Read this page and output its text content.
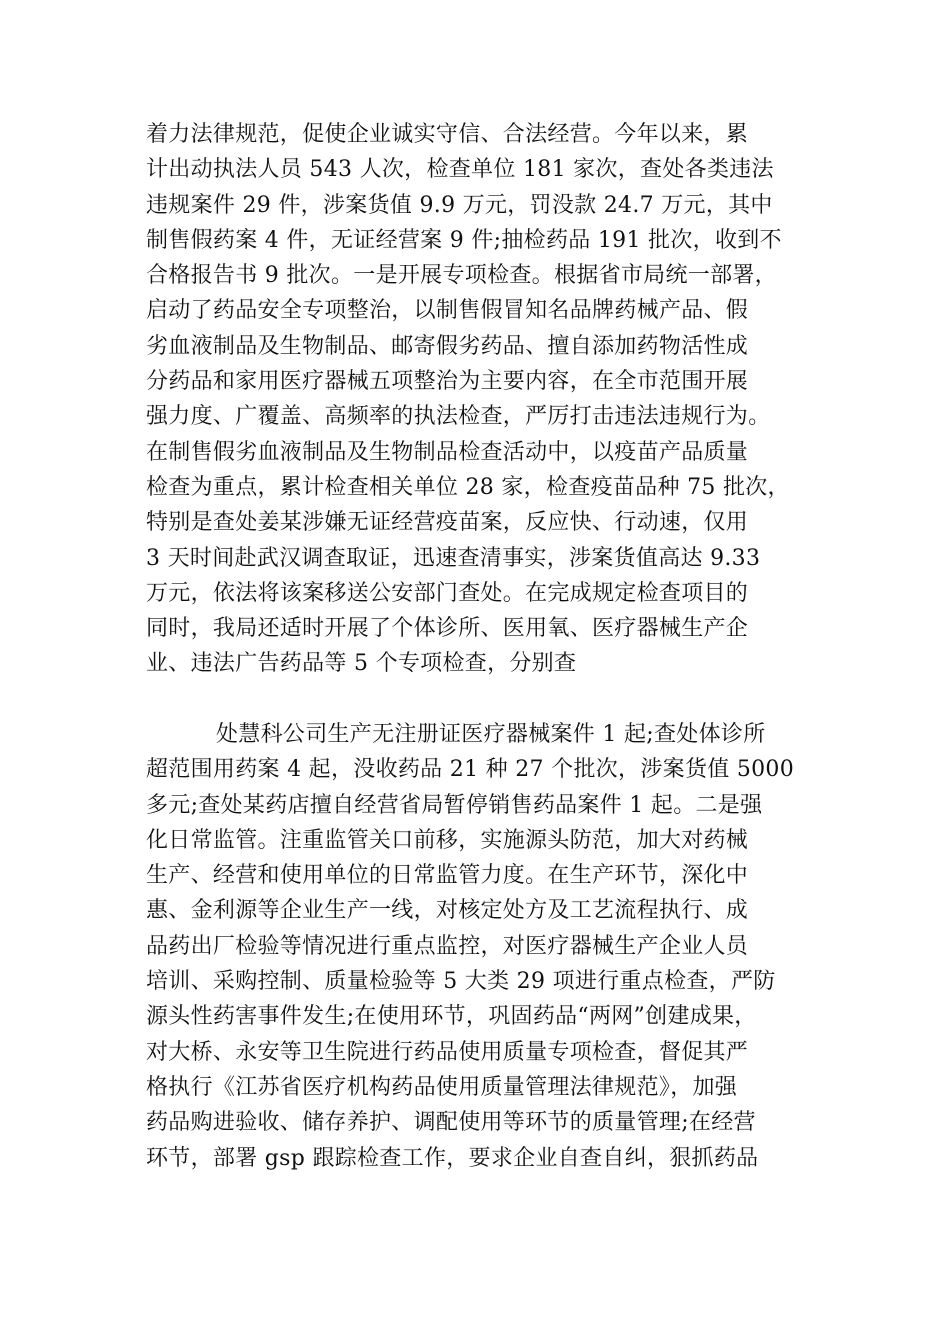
着力法律规范，促使企业诚实守信、合法经营。今年以来，累
计出动执法人员 543 人次，检查单位 181 家次，查处各类违法
违规案件 29 件，涉案货值 9.9 万元，罚没款 24.7 万元，其中
制售假药案 4 件，无证经营案 9 件;抽检药品 191 批次，收到不
合格报告书 9 批次。一是开展专项检查。根据省市局统一部署，
启动了药品安全专项整治，以制售假冒知名品牌药械产品、假
劣血液制品及生物制品、邮寄假劣药品、擅自添加药物活性成
分药品和家用医疗器械五项整治为主要内容，在全市范围开展
强力度、广覆盖、高频率的执法检查，严厉打击违法违规行为。
在制售假劣血液制品及生物制品检查活动中，以疫苗产品质量
检查为重点，累计检查相关单位 28 家，检查疫苗品种 75 批次，
特别是查处姜某涉嫌无证经营疫苗案，反应快、行动速，仅用
3 天时间赴武汉调查取证，迅速查清事实，涉案货值高达 9.33
万元，依法将该案移送公安部门查处。在完成规定检查项目的
同时，我局还适时开展了个体诊所、医用氧、医疗器械生产企
业、违法广告药品等 5 个专项检查，分别查
处慧科公司生产无注册证医疗器械案件 1 起;查处体诊所
超范围用药案 4 起，没收药品 21 种 27 个批次，涉案货值 5000
多元;查处某药店擅自经营省局暂停销售药品案件 1 起。二是强
化日常监管。注重监管关口前移，实施源头防范，加大对药械
生产、经营和使用单位的日常监管力度。在生产环节，深化中
惠、金利源等企业生产一线，对核定处方及工艺流程执行、成
品药出厂检验等情况进行重点监控，对医疗器械生产企业人员
培训、采购控制、质量检验等 5 大类 29 项进行重点检查，严防
源头性药害事件发生;在使用环节，巩固药品“两网”创建成果，
对大桥、永安等卫生院进行药品使用质量专项检查，督促其严
格执行《江苏省医疗机构药品使用质量管理法律规范》，加强
药品购进验收、储存养护、调配使用等环节的质量管理;在经营
环节，部署 gsp 跟踪检查工作，要求企业自查自纠，狠抓药品
